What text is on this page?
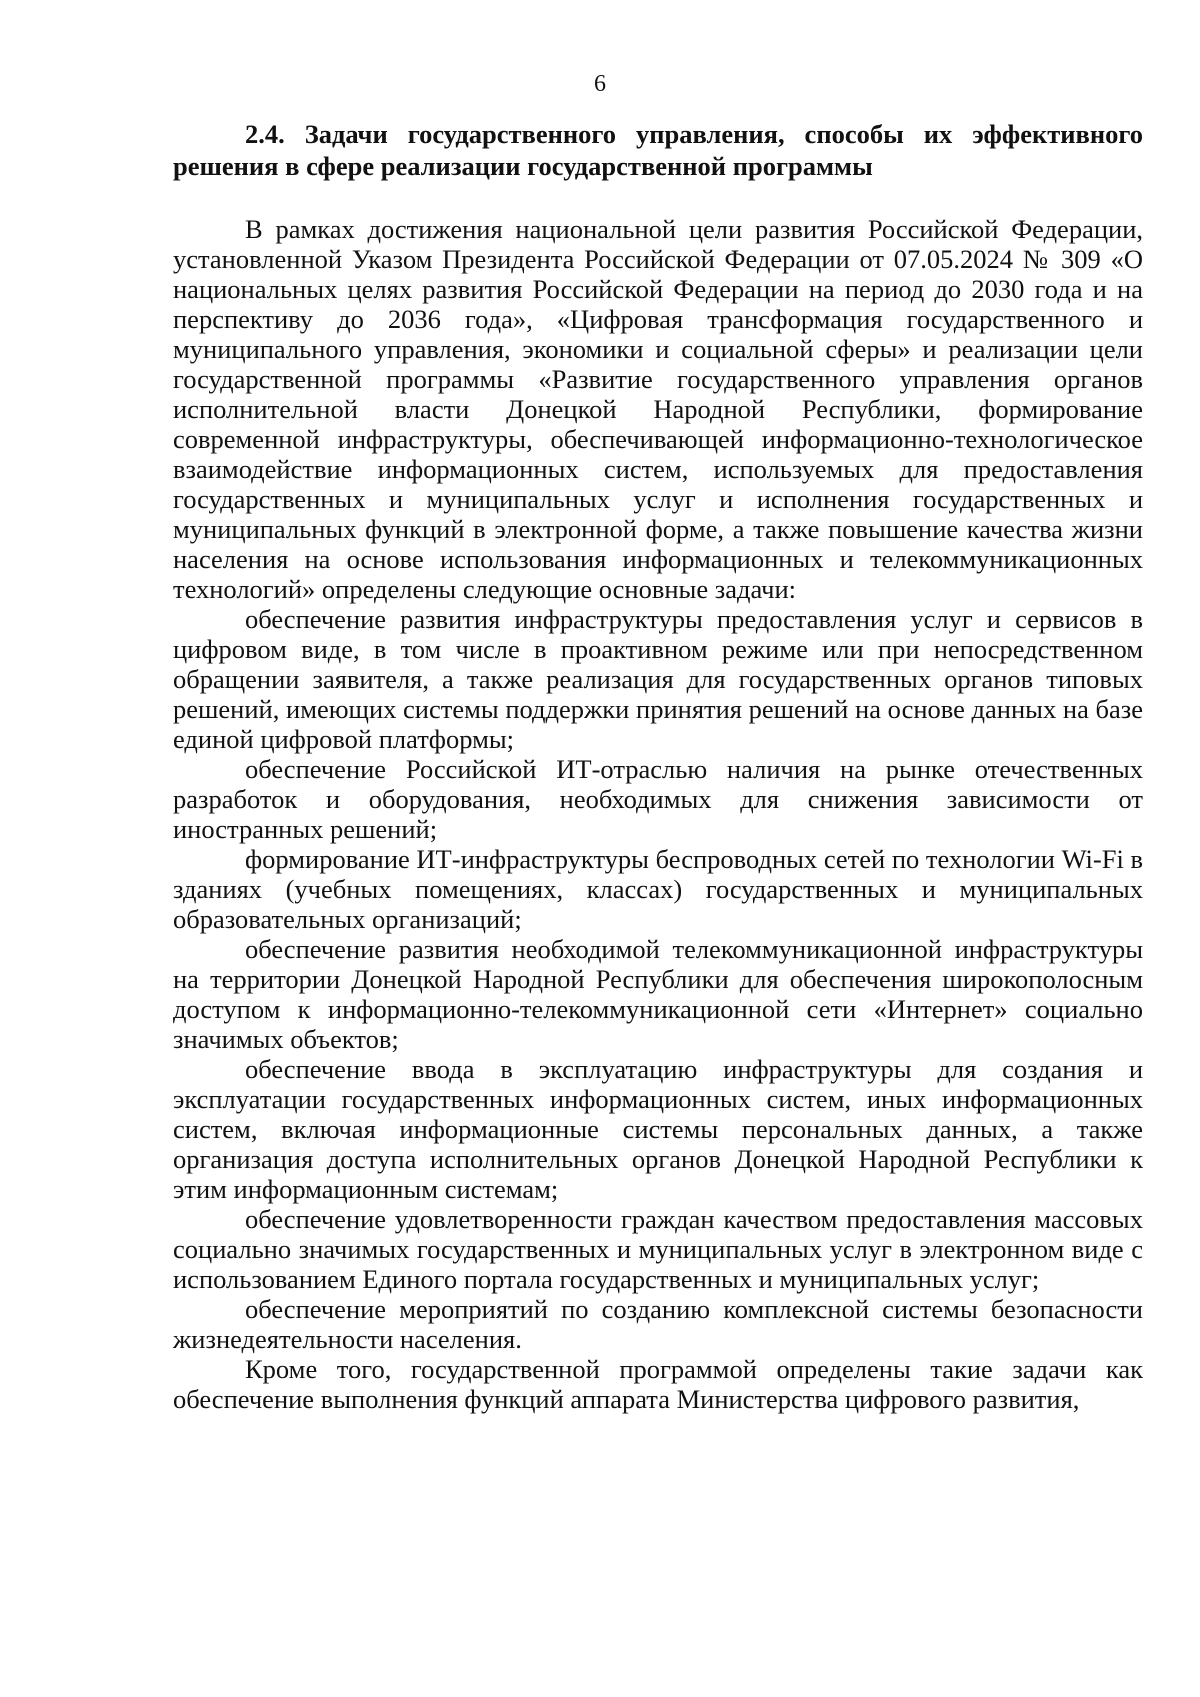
6

2.4. Задачи государственного управления, способы их эффективного решения в сфере реализации государственной программы

В рамках достижения национальной цели развития Российской Федерации, установленной Указом Президента Российской Федерации от 07.05.2024 № 309 «О национальных целях развития Российской Федерации на период до 2030 года и на перспективу до 2036 года», «Цифровая трансформация государственного и муниципального управления, экономики и социальной сферы» и реализации цели государственной программы «Развитие государственного управления органов исполнительной власти Донецкой Народной Республики, формирование современной инфраструктуры, обеспечивающей информационно-технологическое взаимодействие информационных систем, используемых для предоставления государственных и муниципальных услуг и исполнения государственных и муниципальных функций в электронной форме, а также повышение качества жизни населения на основе использования информационных и телекоммуникационных технологий» определены следующие основные задачи:

обеспечение развития инфраструктуры предоставления услуг и сервисов в цифровом виде, в том числе в проактивном режиме или при непосредственном обращении заявителя, а также реализация для государственных органов типовых решений, имеющих системы поддержки принятия решений на основе данных на базе единой цифровой платформы;

обеспечение Российской ИТ-отраслью наличия на рынке отечественных разработок и оборудования, необходимых для снижения зависимости от иностранных решений;

формирование ИТ-инфраструктуры беспроводных сетей по технологии Wi-Fi в зданиях (учебных помещениях, классах) государственных и муниципальных образовательных организаций;

обеспечение развития необходимой телекоммуникационной инфраструктуры на территории Донецкой Народной Республики для обеспечения широкополосным доступом к информационно-телекоммуникационной сети «Интернет» социально значимых объектов;

обеспечение ввода в эксплуатацию инфраструктуры для создания и эксплуатации государственных информационных систем, иных информационных систем, включая информационные системы персональных данных, а также организация доступа исполнительных органов Донецкой Народной Республики к этим информационным системам;

обеспечение удовлетворенности граждан качеством предоставления массовых социально значимых государственных и муниципальных услуг в электронном виде с использованием Единого портала государственных и муниципальных услуг;

обеспечение мероприятий по созданию комплексной системы безопасности жизнедеятельности населения.

Кроме того, государственной программой определены такие задачи как обеспечение выполнения функций аппарата Министерства цифрового развития,
